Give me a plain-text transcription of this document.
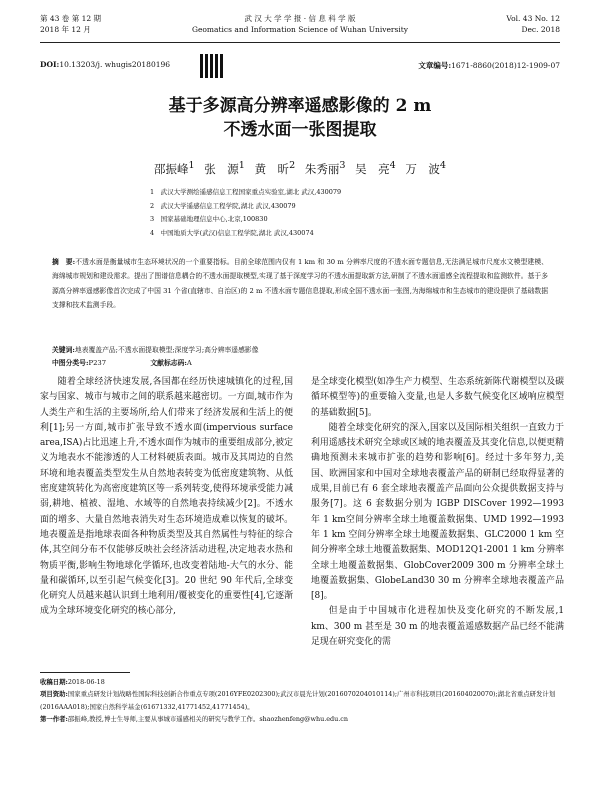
第 43 卷 第 12 期
2018 年 12 月
武 汉 大 学 学 报 · 信 息 科 学 版
Geomatics and Information Science of Wuhan University
Vol. 43 No. 12
Dec. 2018
DOI:10.13203/j. whugis20180196	文章编号:1671-8860(2018)12-1909-07
基于多源高分辨率遥感影像的 2 m
不透水面一张图提取
邵振峰$^1$ 张　源$^1$ 黄　昕$^2$ 朱秀丽$^3$ 吴　亮$^4$ 万　波$^4$
1　武汉大学测绘遥感信息工程国家重点实验室,湖北 武汉,430079
2　武汉大学遥感信息工程学院,湖北 武汉,430079
3　国家基础地理信息中心,北京,100830
4　中国地质大学(武汉)信息工程学院,湖北 武汉,430074
摘　要:不透水面是衡量城市生态环境状况的一个重要指标。目前全球范围内仅有 1 km 和 30 m 分辨率尺度的不透水面专题信息,无法满足城市尺度水文模型建模、海绵城市规划和建设需求。提出了图谱信息耦合的不透水面提取模型,实现了基于深度学习的不透水面提取新方法,研制了不透水面遥感全流程提取和监测软件。基于多源高分辨率遥感影像首次完成了中国 31 个省(直辖市、自治区)的 2 m 不透水面专题信息提取,形成全国不透水面一张图,为海绵城市和生态城市的建设提供了基础数据支撑和技术监测手段。
关键词:地表覆盖产品;不透水面提取模型;深度学习;高分辨率遥感影像
中图分类号:P237	文献标志码:A

随着全球经济快速发展,各国都在经历快速城镇化的过程,国家与国家、城市与城市之间的联系越来越密切。一方面,城市作为人类生产和生活的主要场所,给人们带来了经济发展和生活上的便利[1];另一方面,城市扩张导致不透水面(impervious surface area,ISA)占比迅速上升,不透水面作为城市的重要组成部分,被定义为地表水不能渗透的人工材料硬质表面。城市及其周边的自然环境和地表覆盖类型发生从自然地表转变为低密度建筑物、从低密度建筑转化为高密度建筑区等一系列转变,使得环境承受能力减弱,耕地、植被、湿地、水域等的自然地表持续减少[2]。不透水面的增多、大量自然地表消失对生态环境造成难以恢复的破坏。地表覆盖是指地球表面各种物质类型及其自然属性与特征的综合体,其空间分布不仅能够反映社会经济活动进程,决定地表水热和物质平衡,影响生物地球化学循环,也改变着陆地-大气的水分、能量和碳循环,以至引起气候变化[3]。20 世纪 90 年代后,全球变化研究人员越来越认识到土地利用/覆被变化的重要性[4],它逐渐成为全球环境变化研究的核心部分,

是全球变化模型(如净生产力模型、生态系统新陈代谢模型以及碳循环模型等)的重要输入变量,也是人多数气候变化区域响应模型的基础数据[5]。

随着全球变化研究的深入,国家以及国际相关组织一直致力于利用遥感技术研究全球或区域的地表覆盖及其变化信息,以便更精确地预测未来城市扩张的趋势和影响[6]。经过十多年努力,美国、欧洲国家和中国对全球地表覆盖产品的研制已经取得显著的成果,目前已有 6 套全球地表覆盖产品面向公众提供数据支持与服务[7]。这 6 套数据分别为 IGBP DISCover 1992—1993 年 1 km空间分辨率全球土地覆盖数据集、UMD 1992—1993 年 1 km 空间分辨率全球土地覆盖数据集、GLC2000 1 km 空间分辨率全球土地覆盖数据集、MOD12Q1-2001 1 km 分辨率全球土地覆盖数据集、GlobCover2009 300 m 分辨率全球土地覆盖数据集、GlobeLand30 30 m 分辨率全球地表覆盖产品[8]。

但是由于中国城市化进程加快及变化研究的不断发展,1 km、300 m 甚至是 30 m 的地表覆盖遥感数据产品已经不能满足现在研究变化的需

收稿日期:2018-06-18
项目资助:国家重点研发计划战略性国际科技创新合作重点专项(2016YFE0202300);武汉市晨光计划(2016070204010114);广州市科技项目(201604020070);湖北省重点研发计划(2016AAA018);国家自然科学基金(61671332,41771452,41771454)。
第一作者:邵振峰,教授,博士生导师,主要从事城市遥感相关的研究与教学工作。shaozhenfeng@whu.edu.cn
